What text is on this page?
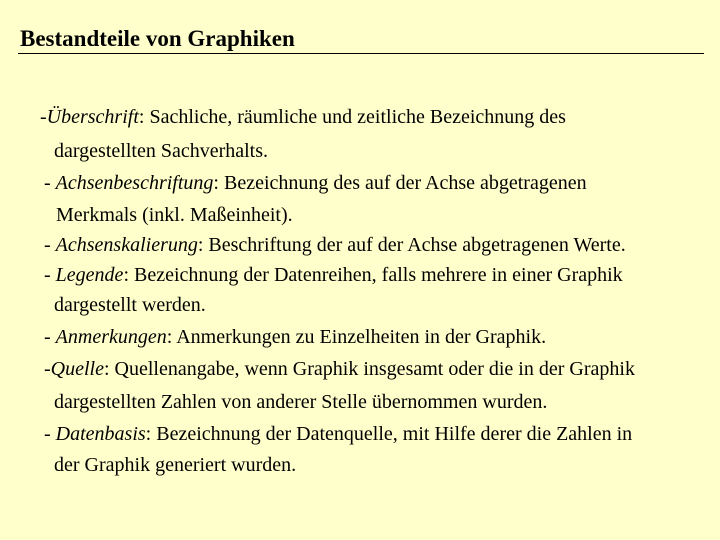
Bestandteile von Graphiken
-Überschrift: Sachliche, räumliche und zeitliche Bezeichnung des
dargestellten Sachverhalts.
- Achsenbeschriftung: Bezeichnung des auf der Achse abgetragenen
Merkmals (inkl. Maßeinheit).
- Achsenskalierung: Beschriftung der auf der Achse abgetragenen Werte.
- Legende: Bezeichnung der Datenreihen, falls mehrere in einer Graphik
dargestellt werden.
- Anmerkungen: Anmerkungen zu Einzelheiten in der Graphik.
-Quelle: Quellenangabe, wenn Graphik insgesamt oder die in der Graphik
dargestellten Zahlen von anderer Stelle übernommen wurden.
- Datenbasis: Bezeichnung der Datenquelle, mit Hilfe derer die Zahlen in
der Graphik generiert wurden.
